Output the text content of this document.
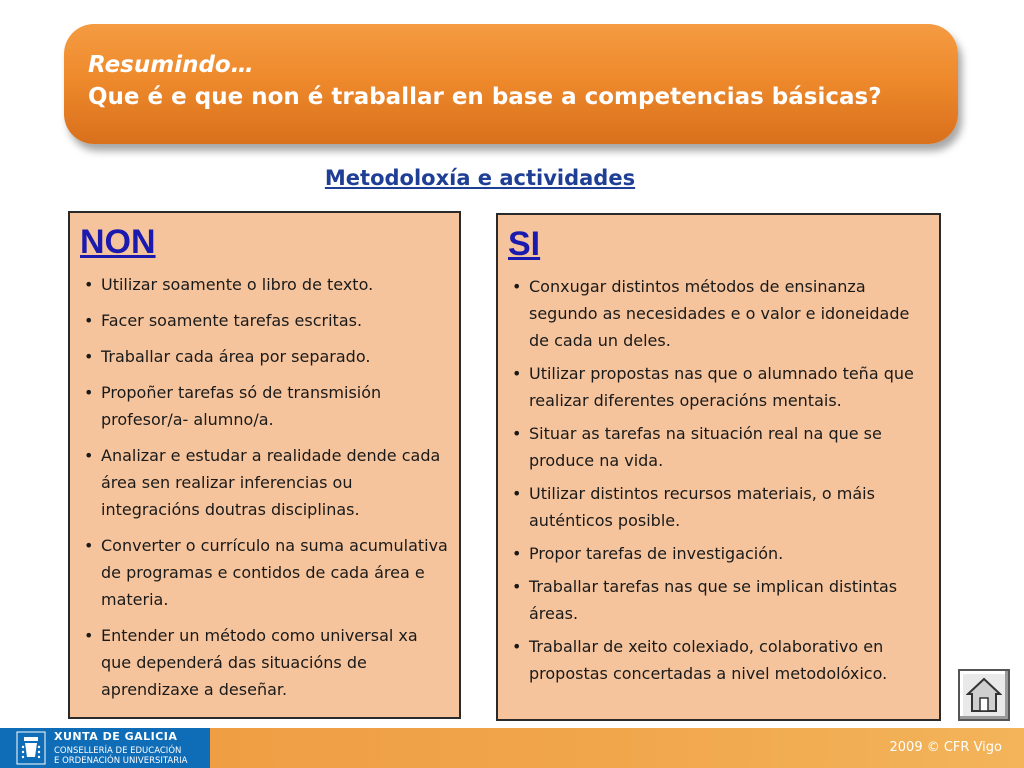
Resumindo…
Que é e que non é traballar en base a competencias básicas?
Metodoloxía e actividades
NON
• Utilizar soamente o libro de texto.
• Facer soamente tarefas escritas.
• Traballar cada área por separado.
• Propoñer tarefas só de transmisión profesor/a- alumno/a.
• Analizar e estudar a realidade dende cada área sen realizar inferencias ou integracións doutras disciplinas.
• Converter o currículo na suma acumulativa de programas e contidos de cada área e materia.
• Entender un método como universal xa que dependerá das situacións de aprendizaxe a deseñar.
SI
• Conxugar distintos métodos de ensinanza segundo as necesidades e o valor e idoneidade de cada un deles.
• Utilizar propostas nas que o alumnado teña que realizar diferentes operacións mentais.
• Situar as tarefas na situación real na que se produce na vida.
• Utilizar distintos recursos materiais, o máis auténticos posible.
• Propor tarefas de investigación.
• Traballar tarefas nas que se implican distintas áreas.
• Traballar de xeito colexiado, colaborativo en propostas concertadas a nivel metodolóxico.
XUNTA DE GALICIA
CONSELLERÍA DE EDUCACIÓN
E ORDENACIÓN UNIVERSITARIA
2009 © CFR Vigo
